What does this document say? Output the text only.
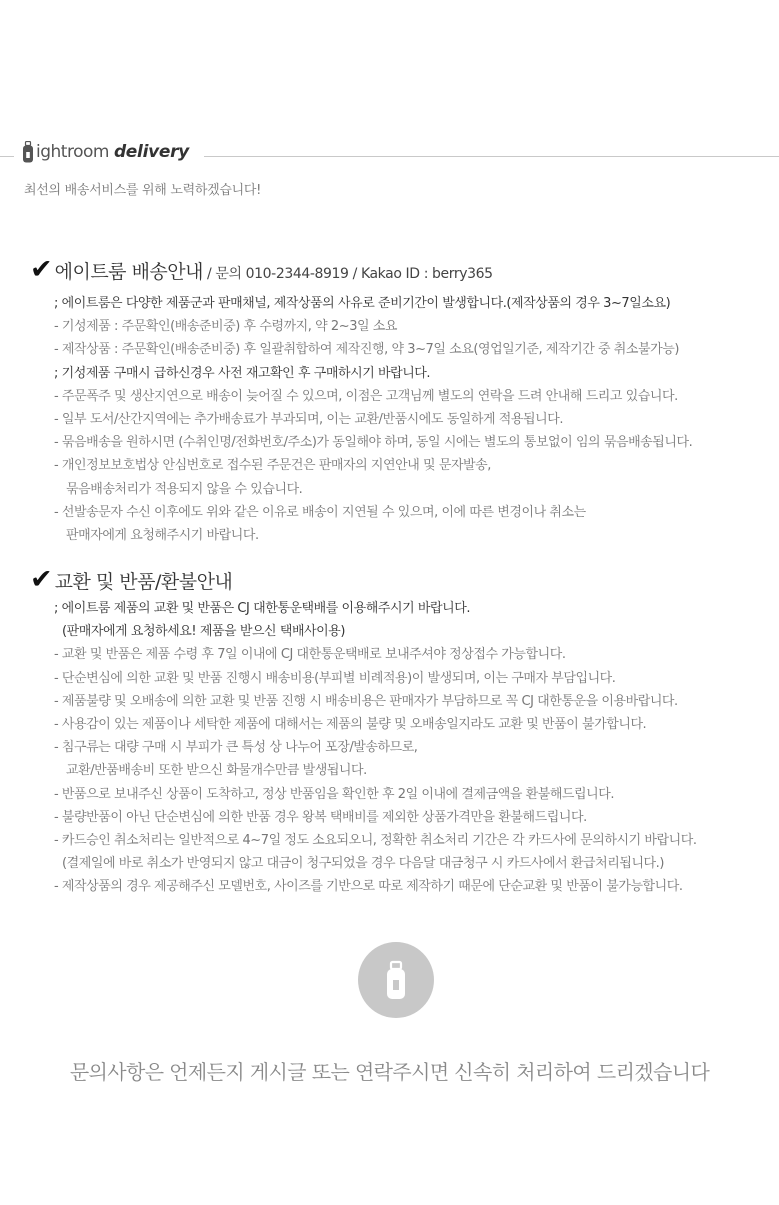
ightroom delivery
최선의 배송서비스를 위해 노력하겠습니다!
✔ 에이트룸 배송안내 / 문의 010-2344-8919 / Kakao ID : berry365
; 에이트룸은 다양한 제품군과 판매채널, 제작상품의 사유로 준비기간이 발생합니다.(제작상품의 경우 3~7일소요)
- 기성제품 : 주문확인(배송준비중) 후 수령까지, 약 2~3일 소요
- 제작상품 : 주문확인(배송준비중) 후 일괄취합하여 제작진행, 약 3~7일 소요(영업일기준, 제작기간 중 취소불가능)
; 기성제품 구매시 급하신경우 사전 재고확인 후 구매하시기 바랍니다.
- 주문폭주 및 생산지연으로 배송이 늦어질 수 있으며, 이점은 고객님께 별도의 연락을 드려 안내해 드리고 있습니다.
- 일부 도서/산간지역에는 추가배송료가 부과되며, 이는 교환/반품시에도 동일하게 적용됩니다.
- 묶음배송을 원하시면 (수취인명/전화번호/주소)가 동일해야 하며, 동일 시에는 별도의 통보없이 임의 묶음배송됩니다.
- 개인정보보호법상 안심번호로 접수된 주문건은 판매자의 지연안내 및 문자발송,
묶음배송처리가 적용되지 않을 수 있습니다.
- 선발송문자 수신 이후에도 위와 같은 이유로 배송이 지연될 수 있으며, 이에 따른 변경이나 취소는
판매자에게 요청해주시기 바랍니다.
✔ 교환 및 반품/환불안내
; 에이트룸 제품의 교환 및 반품은 CJ 대한통운택배를 이용해주시기 바랍니다.
(판매자에게 요청하세요! 제품을 받으신 택배사이용)
- 교환 및 반품은 제품 수령 후 7일 이내에 CJ 대한통운택배로 보내주셔야 정상접수 가능합니다.
- 단순변심에 의한 교환 및 반품 진행시 배송비용(부피별 비례적용)이 발생되며, 이는 구매자 부담입니다.
- 제품불량 및 오배송에 의한 교환 및 반품 진행 시 배송비용은 판매자가 부담하므로 꼭 CJ 대한통운을 이용바랍니다.
- 사용감이 있는 제품이나 세탁한 제품에 대해서는 제품의 불량 및 오배송일지라도 교환 및 반품이 불가합니다.
- 침구류는 대량 구매 시 부피가 큰 특성 상 나누어 포장/발송하므로,
교환/반품배송비 또한 받으신 화물개수만큼 발생됩니다.
- 반품으로 보내주신 상품이 도착하고, 정상 반품임을 확인한 후 2일 이내에 결제금액을 환불해드립니다.
- 불량반품이 아닌 단순변심에 의한 반품 경우 왕복 택배비를 제외한 상품가격만을 환불해드립니다.
- 카드승인 취소처리는 일반적으로 4~7일 정도 소요되오니, 정확한 취소처리 기간은 각 카드사에 문의하시기 바랍니다.
(결제일에 바로 취소가 반영되지 않고 대금이 청구되었을 경우 다음달 대금청구 시 카드사에서 환급처리됩니다.)
- 제작상품의 경우 제공해주신 모델번호, 사이즈를 기반으로 따로 제작하기 때문에 단순교환 및 반품이 불가능합니다.
문의사항은 언제든지 게시글 또는 연락주시면 신속히 처리하여 드리겠습니다
